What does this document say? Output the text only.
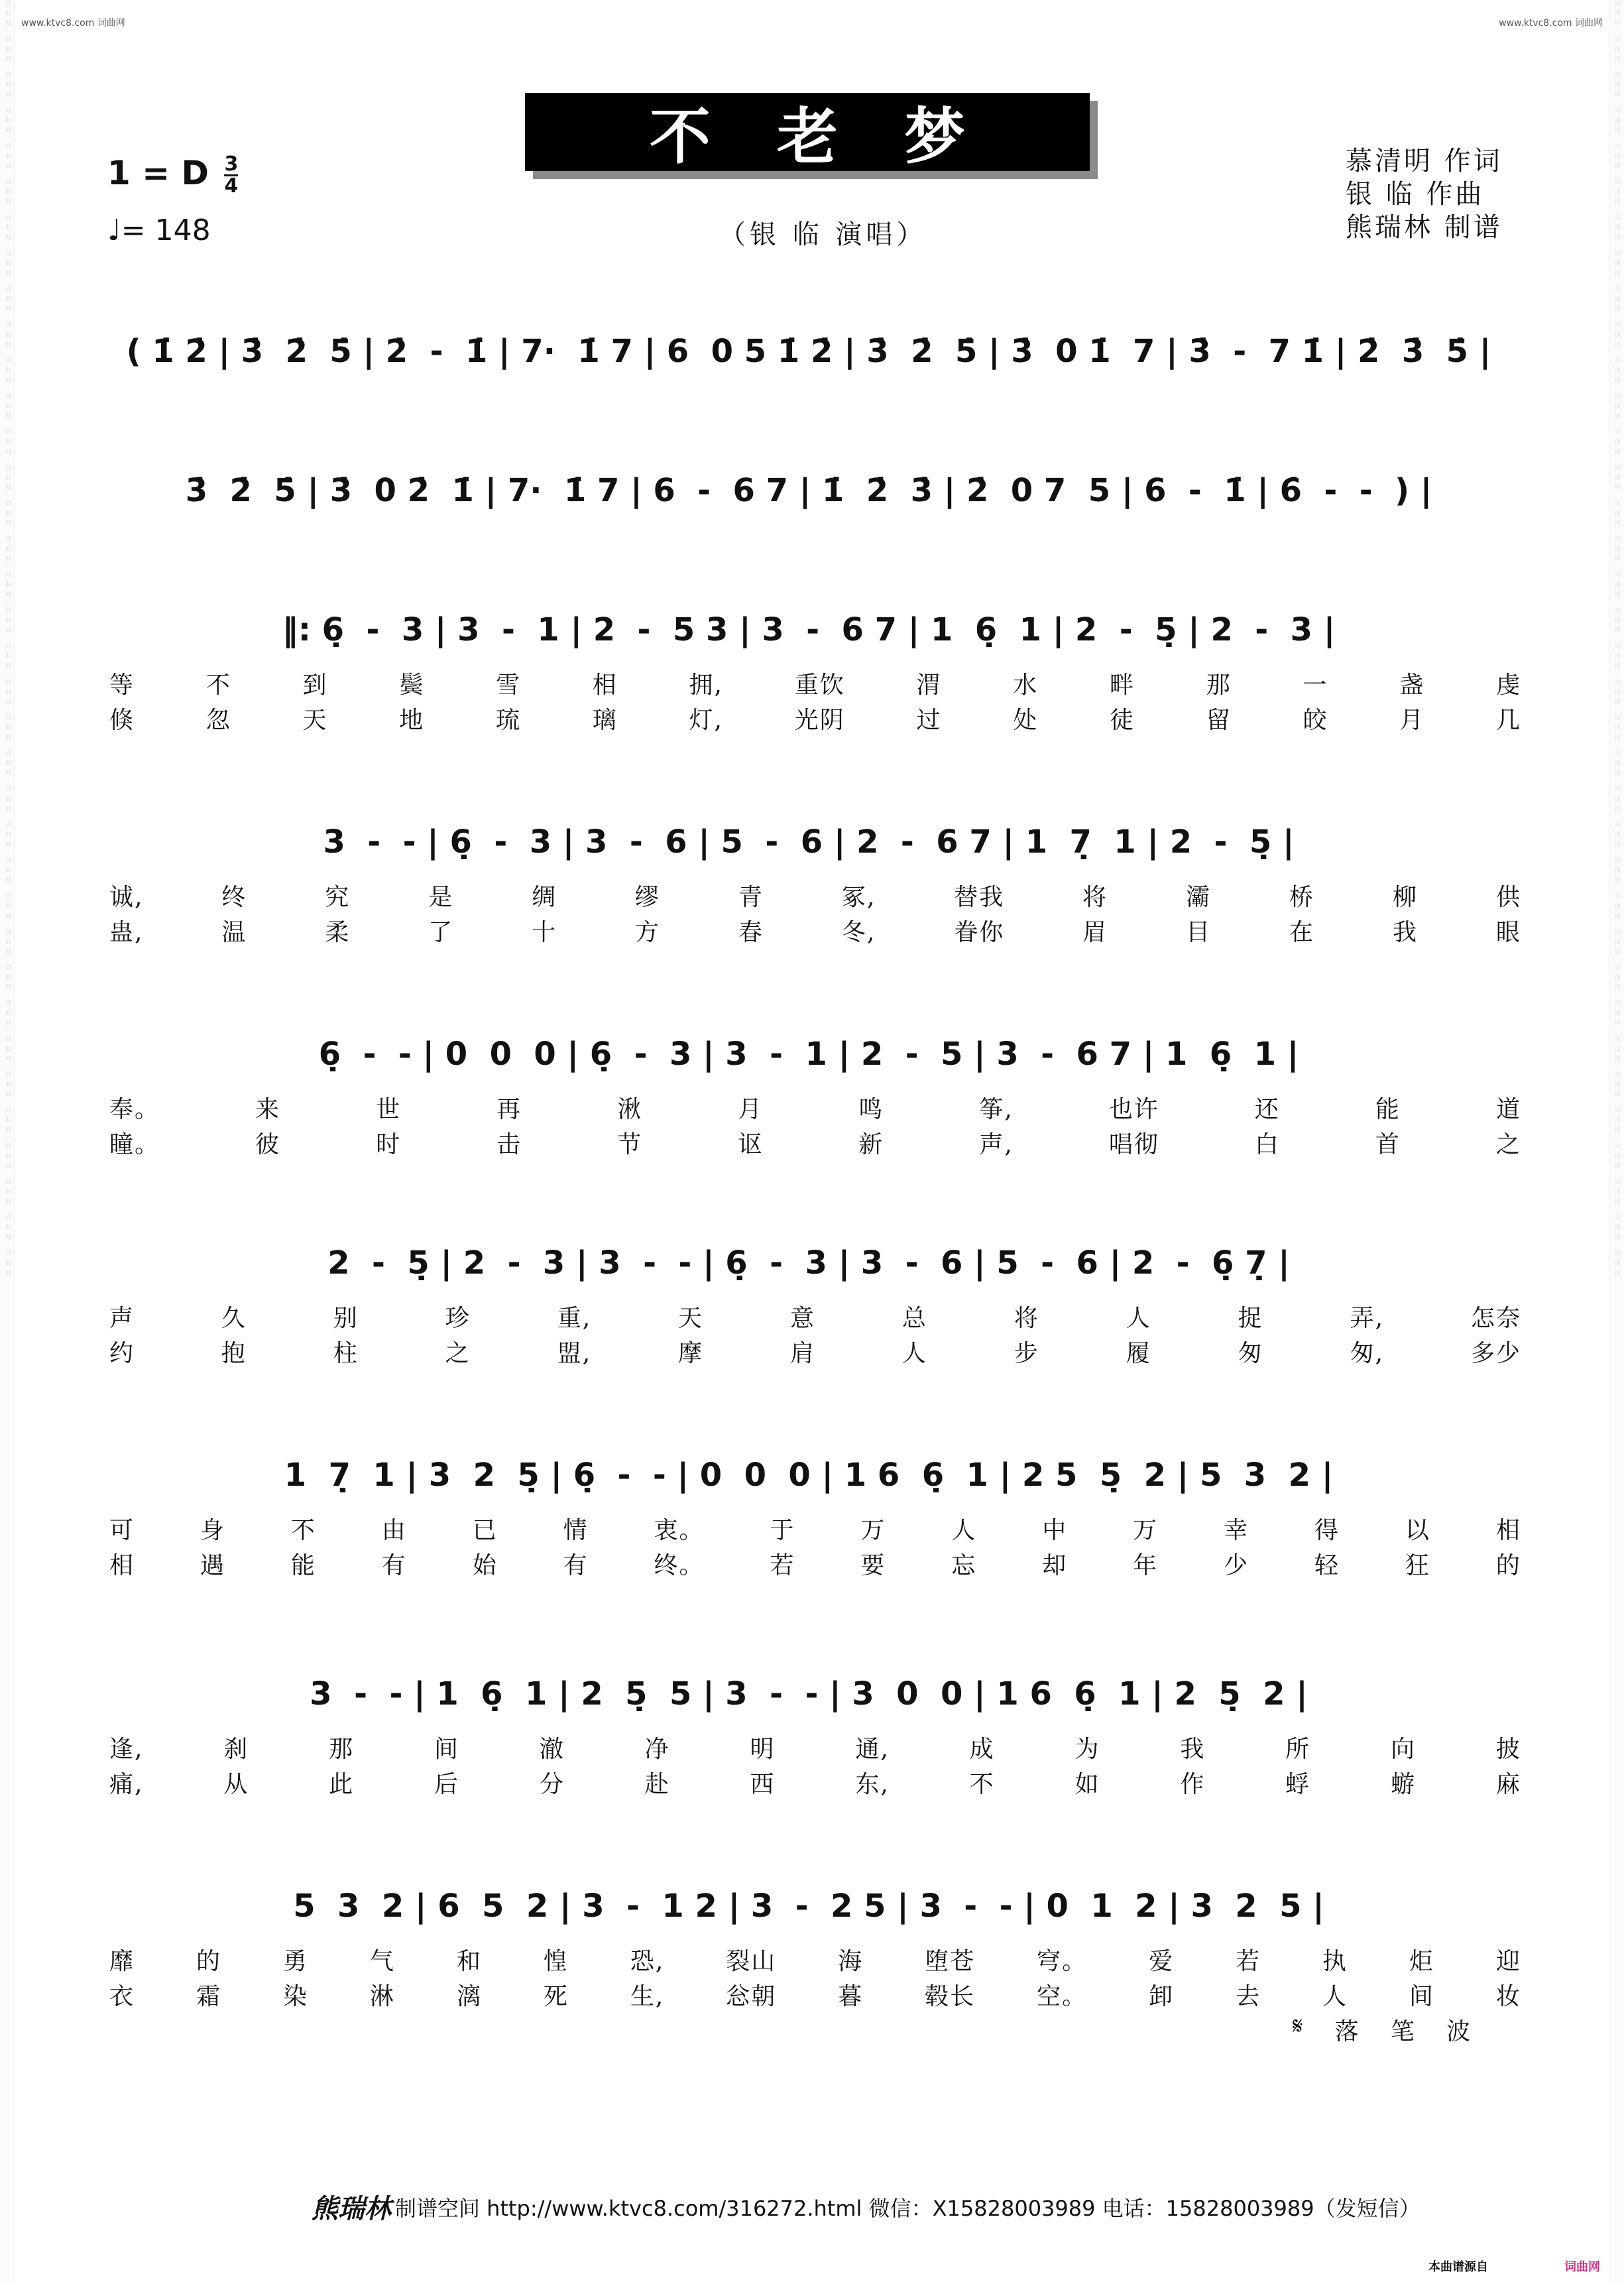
词曲网 词曲网 词曲网 词曲网 词曲网 词曲网 词曲网 词曲网 词曲网 词曲网 词曲网 词曲网 词曲网 词曲网 词曲网 词曲网 词曲网 词曲网 词曲网 词曲网 词曲网 词曲网 词曲网 词曲网 词曲网 词曲网 词曲网 词曲网 词曲网 词曲网 词曲网 词曲网 词曲网 词曲网 词曲网 词曲网	词曲网 词曲网 词曲网 词曲网 词曲网 词曲网 词曲网 词曲网 词曲网 词曲网 词曲网 词曲网 词曲网 词曲网 词曲网 词曲网 词曲网 词曲网 词曲网 词曲网 词曲网 词曲网 词曲网 词曲网 词曲网 词曲网 词曲网 词曲网 词曲网 词曲网 词曲网 词曲网 词曲网 词曲网 词曲网 词曲网
www.ktvc8.com 词曲网	www.ktvc8.com 词曲网
不老梦
1 = D $\frac{3}{4}$
♩= 148	（银 临 演唱）
慕清明 作词
银 临 作曲
熊瑞林 制谱
( 1̇ 2̇ | 3̇  2̇  5̇ | 2̇  -  1̇ | 7·  1̇ 7 | 6  0 5 1̇ 2̇ | 3̇  2̇  5̇ | 3̇  0 1̇  7 | 3̇  -  7 1̇ | 2̇  3̇  5̇ |
3̇  2̇  5̇ | 3̇  0 2̇  1̇ | 7·  1̇ 7 | 6  -  6 7 | 1̇  2̇  3̇ | 2̇  0 7  5 | 6  -  1̇ | 6̇  -  -  ) |
‖: 6̣  -  3 | 3  -  1 | 2  -  5 3 | 3  -  6 7 | 1  6̣  1 | 2  -  5̣ | 2  -  3 |
等	不	到	鬓	雪	相	拥,	重饮	渭	水	畔	那	一	盏	虔
倏	忽	天	地	琉	璃	灯,	光阴	过	处	徒	留	皎	月	几
3  -  - | 6̣  -  3 | 3  -  6 | 5  -  6 | 2  -  6 7 | 1  7̣  1 | 2  -  5̣ |
诚,	终	究	是	绸	缪	青	冢,	替我	将	灞	桥	柳	供
蛊,	温	柔	了	十	方	春	冬,	眷你	眉	目	在	我	眼
6̣  -  - | 0  0  0 | 6̣  -  3 | 3  -  1 | 2  -  5 | 3  -  6 7 | 1  6̣  1 |
奉。	来	世	再	湫	月	鸣	筝,	也许	还	能	道
瞳。	彼	时	击	节	讴	新	声,	唱彻	白	首	之
2  -  5̣ | 2  -  3 | 3  -  - | 6̣  -  3 | 3  -  6 | 5  -  6 | 2  -  6̣ 7̣ |
声	久	别	珍	重,	天	意	总	将	人	捉	弄,	怎奈
约	抱	柱	之	盟,	摩	肩	人	步	履	匆	匆,	多少
1  7̣  1 | 3  2  5̣ | 6̣  -  - | 0  0  0 | 1 6  6̣  1 | 2 5  5̣  2 | 5  3  2 |
可	身	不	由	已	情	衷。	于	万	人	中	万	幸	得	以	相
相	遇	能	有	始	有	终。	若	要	忘	却	年	少	轻	狂	的
3  -  - | 1  6̣  1 | 2  5̣  5 | 3  -  - | 3  0  0 | 1 6  6̣  1 | 2  5̣  2 |
逢,	刹	那	间	澈	净	明	通,	成	为	我	所	向	披
痛,	从	此	后	分	赴	西	东,	不	如	作	蜉	蝣	麻
5  3  2 | 6  5  2 | 3  -  1 2 | 3  -  2 5 | 3  -  - | 0  1  2 | 3  2  5 |
靡	的	勇	气	和	惶	恐,	裂山	海	堕苍	穹。	爱	若	执	炬	迎
衣	霜	染	淋	漓	死	生,	忩朝	暮	毂长	空。	卸	去	人	间	妆
𝄋 落 笔 波
熊瑞林 制谱空间 http://www.ktvc8.com/316272.html 微信：X15828003989 电话：15828003989（发短信）
本曲谱源自	词曲网
